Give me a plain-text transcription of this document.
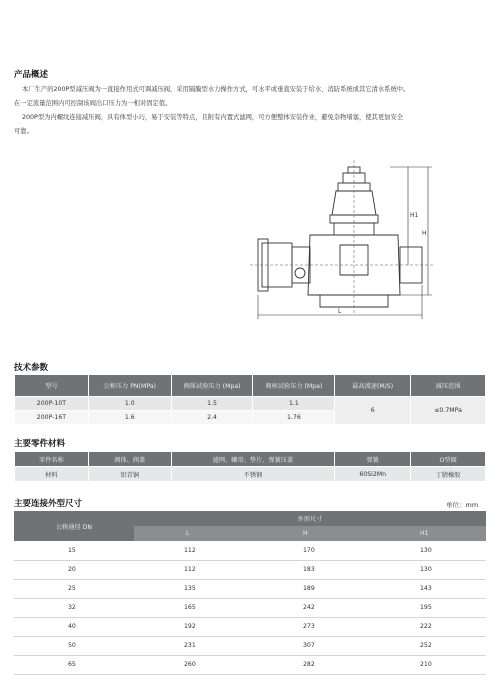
产品概述
本厂生产的200P型减压阀为一直接作用式可调减压阀，采用隔膜型水力操作方式，可水平或垂直安装于给水、消防系统或其它清水系统中。
在一定流量范围内可控制该阀出口压力为一相对固定值。
200P型为内螺纹连接减压阀，具有体型小巧，易于安装等特点，且附有内置式滤网，可方便整体安装作业，避免杂物堵塞，使其更加安全
可靠。
H1
H
L
技术参数
型号	公称压力 PN(MPa)	阀体试验压力 (Mpa)	阀座试验压力 (Mpa)	最高流速(M/S)	减压范围
200P-10T	1.0	1.5	1.1	6	≤0.7MPa
200P-16T	1.6	2.4	1.76		
主要零件材料
零件名称	阀体、阀盖	滤网、螺母、垫片、弹簧压盖	弹簧	O型圈
材料	铝青铜	不锈钢	60Si2Mn	丁腈橡胶
主要连接外型尺寸	单位：mm
公称通径 DN	外形尺寸		
	L	H	H1
15	112	170	130
20	112	183	130
25	135	189	143
32	165	242	195
40	192	273	222
50	231	307	252
65	260	282	210
